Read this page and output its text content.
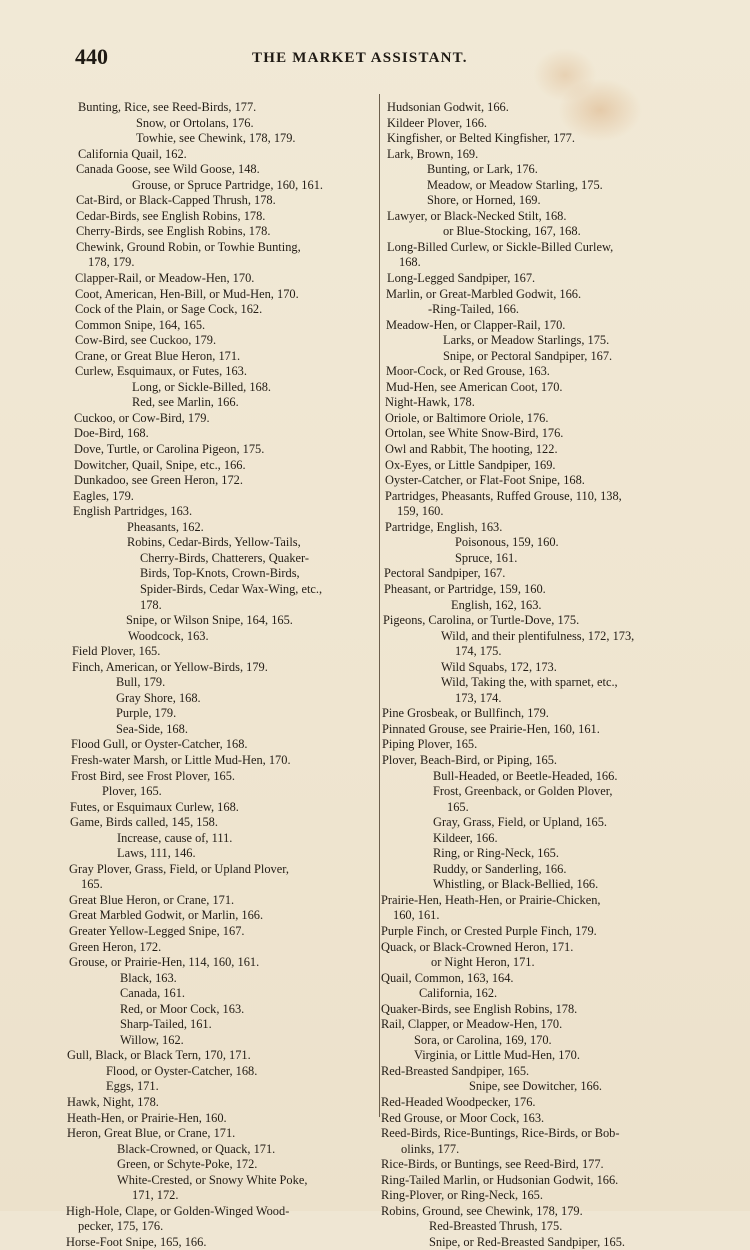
440	THE MARKET ASSISTANT.
Bunting, Rice, see Reed-Birds, 177.
Snow, or Ortolans, 176.
Towhie, see Chewink, 178, 179.
California Quail, 162.
Canada Goose, see Wild Goose, 148.
Grouse, or Spruce Partridge, 160, 161.
Cat-Bird, or Black-Capped Thrush, 178.
Cedar-Birds, see English Robins, 178.
Cherry-Birds, see English Robins, 178.
Chewink, Ground Robin, or Towhie Bunting,
178, 179.
Clapper-Rail, or Meadow-Hen, 170.
Coot, American, Hen-Bill, or Mud-Hen, 170.
Cock of the Plain, or Sage Cock, 162.
Common Snipe, 164, 165.
Cow-Bird, see Cuckoo, 179.
Crane, or Great Blue Heron, 171.
Curlew, Esquimaux, or Futes, 163.
Long, or Sickle-Billed, 168.
Red, see Marlin, 166.
Cuckoo, or Cow-Bird, 179.
Doe-Bird, 168.
Dove, Turtle, or Carolina Pigeon, 175.
Dowitcher, Quail, Snipe, etc., 166.
Dunkadoo, see Green Heron, 172.
Eagles, 179.
English Partridges, 163.
Pheasants, 162.
Robins, Cedar-Birds, Yellow-Tails,
Cherry-Birds, Chatterers, Quaker-
Birds, Top-Knots, Crown-Birds,
Spider-Birds, Cedar Wax-Wing, etc.,
178.
Snipe, or Wilson Snipe, 164, 165.
Woodcock, 163.
Field Plover, 165.
Finch, American, or Yellow-Birds, 179.
Bull, 179.
Gray Shore, 168.
Purple, 179.
Sea-Side, 168.
Flood Gull, or Oyster-Catcher, 168.
Fresh-water Marsh, or Little Mud-Hen, 170.
Frost Bird, see Frost Plover, 165.
Plover, 165.
Futes, or Esquimaux Curlew, 168.
Game, Birds called, 145, 158.
Increase, cause of, 111.
Laws, 111, 146.
Gray Plover, Grass, Field, or Upland Plover,
165.
Great Blue Heron, or Crane, 171.
Great Marbled Godwit, or Marlin, 166.
Greater Yellow-Legged Snipe, 167.
Green Heron, 172.
Grouse, or Prairie-Hen, 114, 160, 161.
Black, 163.
Canada, 161.
Red, or Moor Cock, 163.
Sharp-Tailed, 161.
Willow, 162.
Gull, Black, or Black Tern, 170, 171.
Flood, or Oyster-Catcher, 168.
Eggs, 171.
Hawk, Night, 178.
Heath-Hen, or Prairie-Hen, 160.
Heron, Great Blue, or Crane, 171.
Black-Crowned, or Quack, 171.
Green, or Schyte-Poke, 172.
White-Crested, or Snowy White Poke,
171, 172.
High-Hole, Clape, or Golden-Winged Wood-
pecker, 175, 176.
Horse-Foot Snipe, 165, 166.
Hudsonian Godwit, 166.
Kildeer Plover, 166.
Kingfisher, or Belted Kingfisher, 177.
Lark, Brown, 169.
Bunting, or Lark, 176.
Meadow, or Meadow Starling, 175.
Shore, or Horned, 169.
Lawyer, or Black-Necked Stilt, 168.
or Blue-Stocking, 167, 168.
Long-Billed Curlew, or Sickle-Billed Curlew,
168.
Long-Legged Sandpiper, 167.
Marlin, or Great-Marbled Godwit, 166.
-Ring-Tailed, 166.
Meadow-Hen, or Clapper-Rail, 170.
Larks, or Meadow Starlings, 175.
Snipe, or Pectoral Sandpiper, 167.
Moor-Cock, or Red Grouse, 163.
Mud-Hen, see American Coot, 170.
Night-Hawk, 178.
Oriole, or Baltimore Oriole, 176.
Ortolan, see White Snow-Bird, 176.
Owl and Rabbit, The hooting, 122.
Ox-Eyes, or Little Sandpiper, 169.
Oyster-Catcher, or Flat-Foot Snipe, 168.
Partridges, Pheasants, Ruffed Grouse, 110, 138,
159, 160.
Partridge, English, 163.
Poisonous, 159, 160.
Spruce, 161.
Pectoral Sandpiper, 167.
Pheasant, or Partridge, 159, 160.
English, 162, 163.
Pigeons, Carolina, or Turtle-Dove, 175.
Wild, and their plentifulness, 172, 173,
174, 175.
Wild Squabs, 172, 173.
Wild, Taking the, with sparnet, etc.,
173, 174.
Pine Grosbeak, or Bullfinch, 179.
Pinnated Grouse, see Prairie-Hen, 160, 161.
Piping Plover, 165.
Plover, Beach-Bird, or Piping, 165.
Bull-Headed, or Beetle-Headed, 166.
Frost, Greenback, or Golden Plover,
165.
Gray, Grass, Field, or Upland, 165.
Kildeer, 166.
Ring, or Ring-Neck, 165.
Ruddy, or Sanderling, 166.
Whistling, or Black-Bellied, 166.
Prairie-Hen, Heath-Hen, or Prairie-Chicken,
160, 161.
Purple Finch, or Crested Purple Finch, 179.
Quack, or Black-Crowned Heron, 171.
or Night Heron, 171.
Quail, Common, 163, 164.
California, 162.
Quaker-Birds, see English Robins, 178.
Rail, Clapper, or Meadow-Hen, 170.
Sora, or Carolina, 169, 170.
Virginia, or Little Mud-Hen, 170.
Red-Breasted Sandpiper, 165.
Snipe, see Dowitcher, 166.
Red-Headed Woodpecker, 176.
Red Grouse, or Moor Cock, 163.
Reed-Birds, Rice-Buntings, Rice-Birds, or Bob-
olinks, 177.
Rice-Birds, or Buntings, see Reed-Bird, 177.
Ring-Tailed Marlin, or Hudsonian Godwit, 166.
Ring-Plover, or Ring-Neck, 165.
Robins, Ground, see Chewink, 178, 179.
Red-Breasted Thrush, 175.
Snipe, or Red-Breasted Sandpiper, 165.
